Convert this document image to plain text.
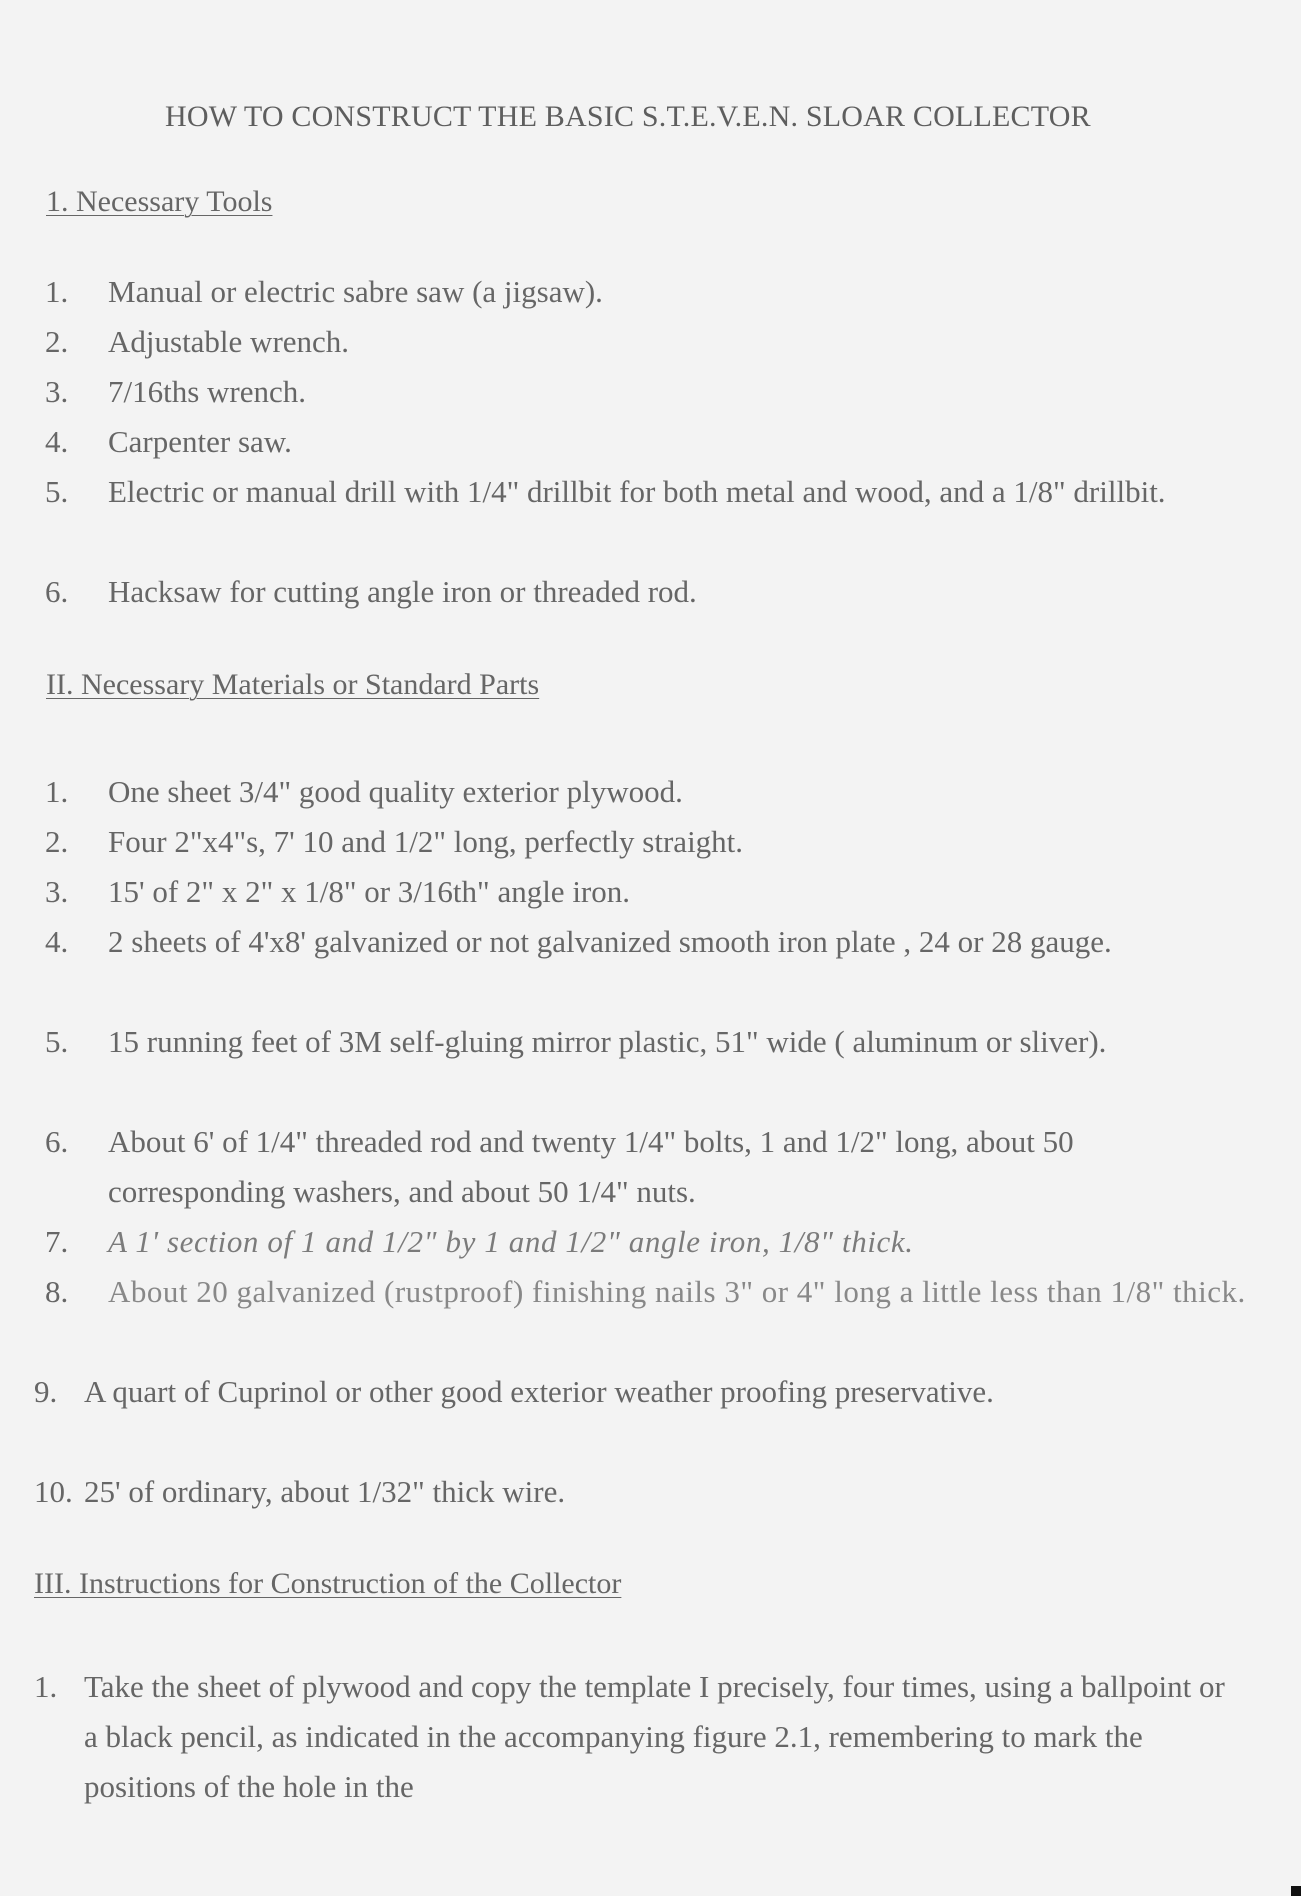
HOW TO CONSTRUCT THE BASIC S.T.E.V.E.N. SLOAR COLLECTOR
1. Necessary Tools
1.	Manual or electric sabre saw (a jigsaw).
2.	Adjustable wrench.
3.	7/16ths wrench.
4.	Carpenter saw.
5.	Electric or manual drill with 1/4" drillbit for both metal and wood, and a 1/8" drillbit.
6.	Hacksaw for cutting angle iron or threaded rod.
II. Necessary Materials or Standard Parts
1.	One sheet 3/4" good quality exterior plywood.
2.	Four 2"x4"s, 7' 10 and 1/2" long, perfectly straight.
3.	15' of 2" x 2" x 1/8" or 3/16th" angle iron.
4.	2 sheets of 4'x8' galvanized or not galvanized smooth iron plate , 24 or 28 gauge.
5.	15 running feet of 3M self-gluing mirror plastic, 51" wide ( aluminum or sliver).
6.	About 6' of 1/4" threaded rod and twenty 1/4" bolts, 1 and 1/2" long, about 50 corresponding washers, and about 50 1/4" nuts.
7.	A 1' section of 1 and 1/2" by 1 and 1/2" angle iron, 1/8" thick.
8.	About 20 galvanized (rustproof) finishing nails 3" or 4" long a little less than 1/8" thick.
9. A quart of Cuprinol or other good exterior weather proofing preservative.
10. 25' of ordinary, about 1/32" thick wire.
III. Instructions for Construction of the Collector
1. Take the sheet of plywood and copy the template I precisely, four times, using a ballpoint or a black pencil, as indicated in the accompanying figure 2.1, remembering to mark the positions of the hole in the
